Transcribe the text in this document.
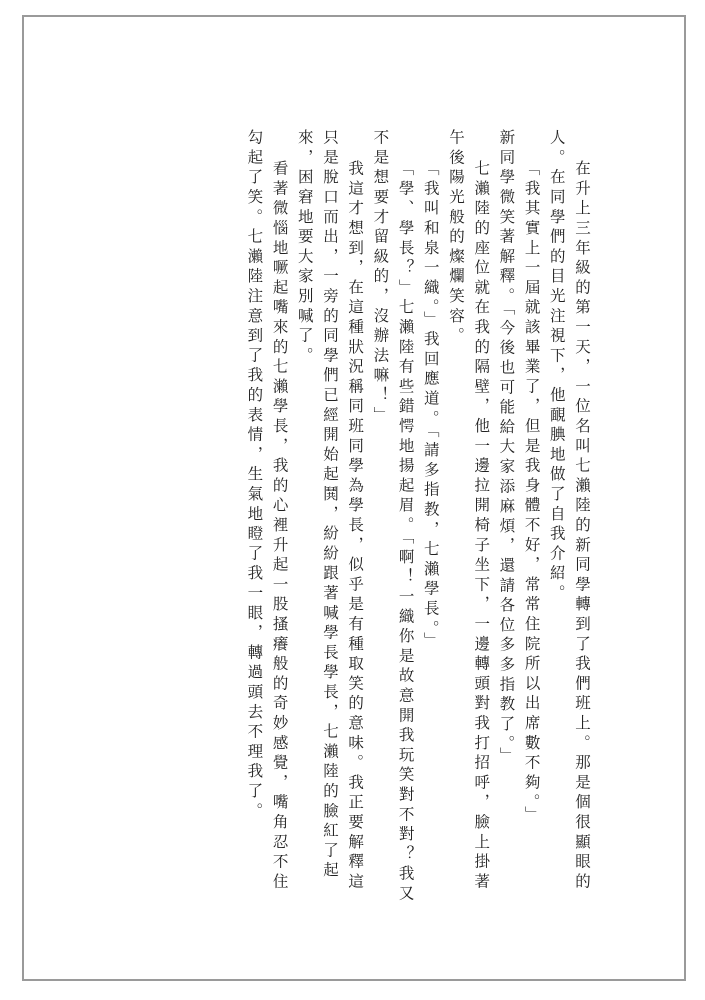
在升上三年級的第一天，一位名叫七瀨陸的新同學轉到了我們班上。那是個很顯眼的人。在同學們的目光注視下，他靦腆地做了自我介紹。

「我其實上一屆就該畢業了，但是我身體不好，常常住院所以出席數不夠。」

新同學微笑著解釋。「今後也可能給大家添麻煩，還請各位多多指教了。」

七瀨陸的座位就在我的隔壁，他一邊拉開椅子坐下，一邊轉頭對我打招呼，臉上掛著午後陽光般的燦爛笑容。

「我叫和泉一織。」我回應道。「請多指教，七瀨學長。」

「學、學長？」七瀨陸有些錯愕地揚起眉。「啊！一織你是故意開我玩笑對不對？我又不是想要才留級的，沒辦法嘛！」

我這才想到，在這種狀況稱同班同學為學長，似乎是有種取笑的意味。我正要解釋這只是脫口而出，一旁的同學們已經開始起鬨，紛紛跟著喊學長學長，七瀨陸的臉紅了起來，困窘地要大家別喊了。

看著微惱地噘起嘴來的七瀨學長，我的心裡升起一股搔癢般的奇妙感覺，嘴角忍不住勾起了笑。七瀨陸注意到了我的表情，生氣地瞪了我一眼，轉過頭去不理我了。
